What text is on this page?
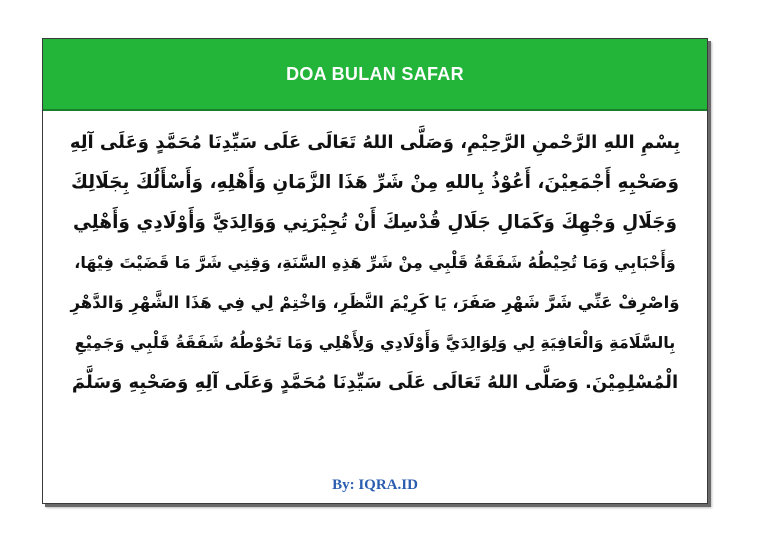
DOA BULAN SAFAR
بِسْمِ اللهِ الرَّحْمنِ الرَّحِيْمِ، وَصَلَّى اللهُ تَعَالَى عَلَى سَيِّدِنَا مُحَمَّدٍ وَعَلَى آلِهِ
وَصَحْبِهِ أَجْمَعِيْنَ، أَعُوْذُ بِاللهِ مِنْ شَرِّ هَذَا الزَّمَانِ وَأَهْلِهِ، وَأَسْأَلُكَ بِجَلَالِكَ
وَجَلَالِ وَجْهِكَ وَكَمَالِ جَلَالِ قُدْسِكَ أَنْ تُجِيْرَنِي وَوَالِدَيَّ وَأَوْلَادِي وَأَهْلِي
وَأَحْبَابِي وَمَا تُحِيْطُهُ شَفَقَةُ قَلْبِي مِنْ شَرِّ هَذِهِ السَّنَةِ، وَقِنِي شَرَّ مَا قَضَيْتَ فِيْهَا،
وَاصْرِفْ عَنِّي شَرَّ شَهْرِ صَفَرَ، يَا كَرِيْمَ النَّظَرِ، وَاخْتِمْ لِي فِي هَذَا الشَّهْرِ وَالدَّهْرِ
بِالسَّلَامَةِ وَالْعَافِيَةِ لِي وَلِوَالِدَيَّ وَأَوْلَادِي وَلِأَهْلِي وَمَا تَحُوْطُهُ شَفَقَةُ قَلْبِي وَجَمِيْعِ
الْمُسْلِمِيْنَ. وَصَلَّى اللهُ تَعَالَى عَلَى سَيِّدِنَا مُحَمَّدٍ وَعَلَى آلِهِ وَصَحْبِهِ وَسَلَّمَ
By: IQRA.ID
